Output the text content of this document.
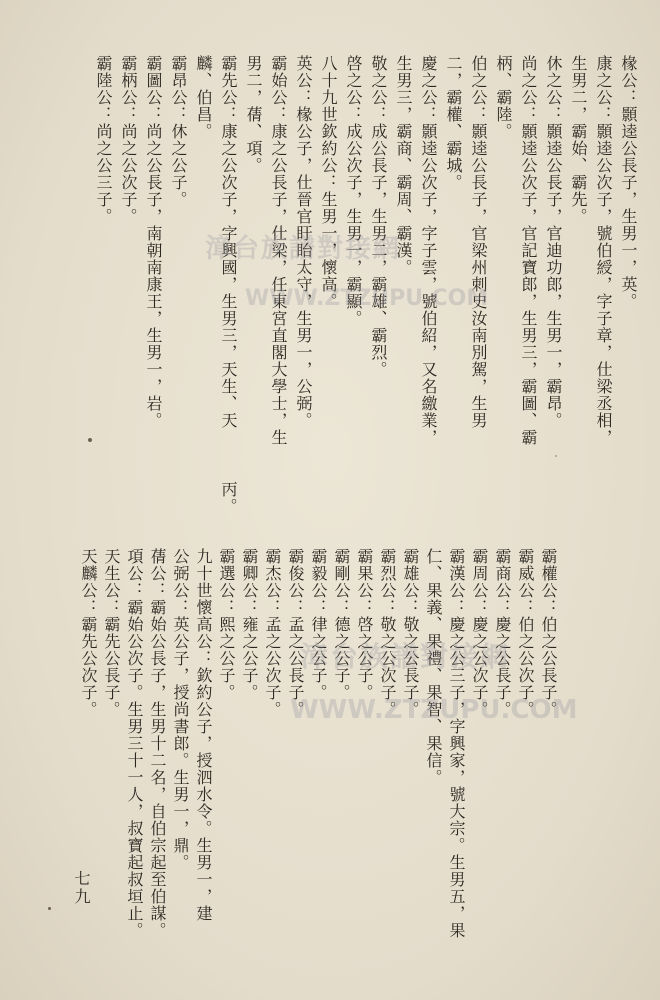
椽公：顥逵公長子，生男一，英。
康之公：顥逵公次子，號伯綬，字子章，仕梁丞相，
生男二，霸始、霸先。
休之公：顥逵公長子，官迪功郎，生男一，霸昂。
尚之公：顥逵公次子，官記寶郎，生男三，霸圖、霸
柄、霸陸。
伯之公：顥逵公長子，官梁州刺史汝南別駕，生男
二，霸權、霸城。
慶之公：顥逵公次子，字子雲，號伯紹，又名繳業，
生男三，霸商、霸周、霸漢。
敬之公：成公長子，生男二，霸雄、霸烈。
啓之公：成公次子，生男一，霸顯。
八十九世欽約公：生男一，懷高。
英公：椽公子，仕晉官盱眙太守，生男一，公弼。
霸始公：康之公長子，仕梁，任東宮直閣大學士，生
男二，蒨、項。
霸先公：康之公次子，字興國，生男三，天生、天
麟、伯昌。
霸昂公：休之公子。
霸圖公：尚之公長子，南朝南康王，生男一，岩。
霸柄公：尚之公次子。
霸陸公：尚之公三子。
丙。
霸權公：伯之公長子。
霸威公：伯之公次子。
霸商公：慶之公長子。
霸周公：慶之公次子。
霸漢公：慶之公三子，字興家，號大宗。生男五，果
仁、果義、果禮、果智、果信。
霸雄公：敬之公長子。
霸烈公：敬之公次子。
霸果公：啓之公子。
霸剛公：德之公子。
霸毅公：律之公子。
霸俊公：孟之公長子。
霸杰公：孟之公次子。
霸卿公：雍之公子。
霸選公：熙之公子。
九十世懷高公：欽約公子，授泗水令。生男一，建
公弼公：英公子，授尚書郎。生男一，鼎。
蒨公：霸始公長子，生男十二名，自伯宗起至伯謀。
項公：霸始公次子。生男三十一人，叔寶起叔垣止。
天生公：霸先公長子。
天麟公：霸先公次子。
漳台族譜對接網
WWW.ZTZUPU.COM
漳台族譜對接網
WWW.ZTZUPU.COM
七九
